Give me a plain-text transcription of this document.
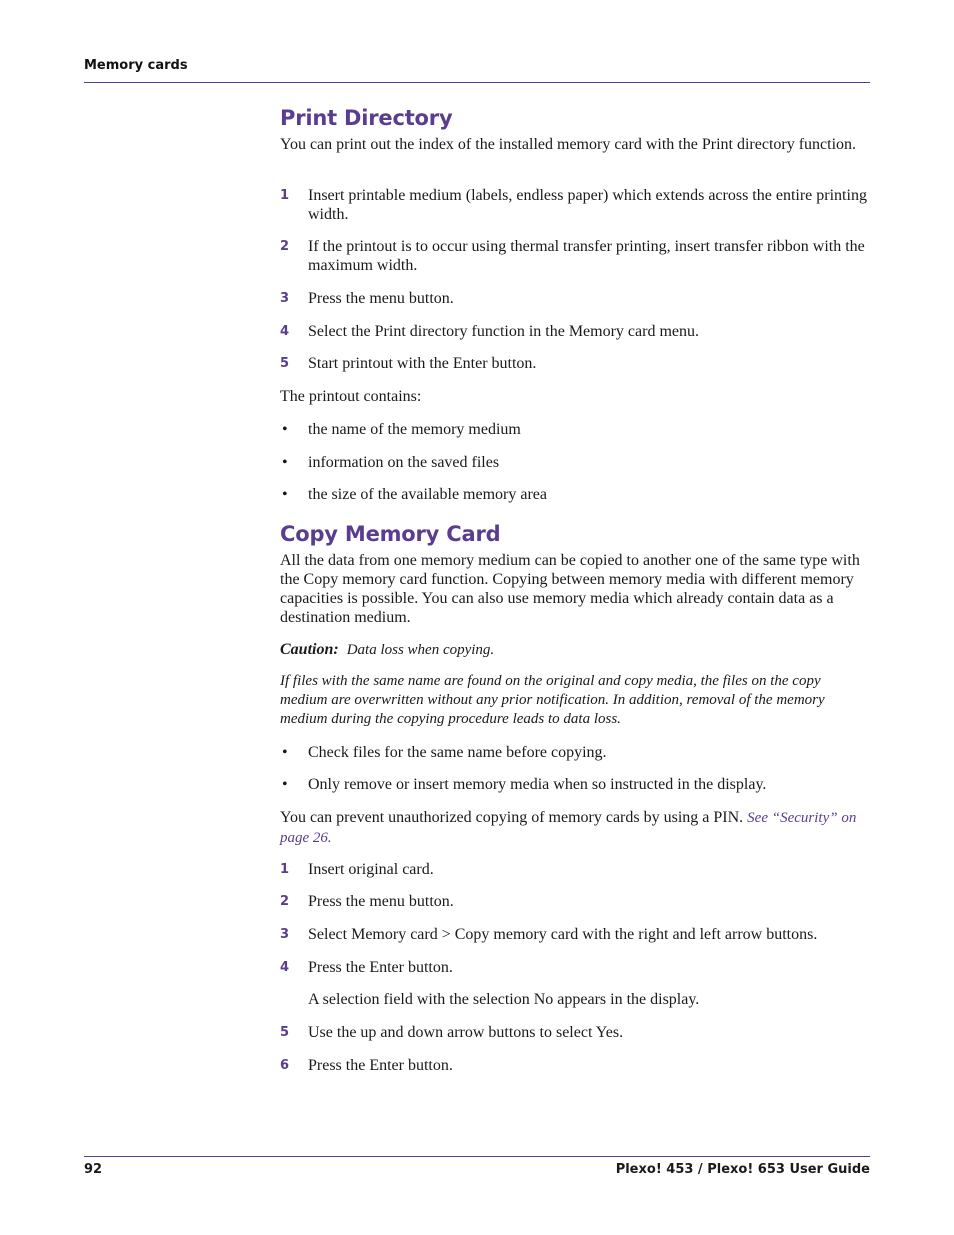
Memory cards
Print Directory
You can print out the index of the installed memory card with the Print directory function.
1 Insert printable medium (labels, endless paper) which extends across the entire printing width.
2 If the printout is to occur using thermal transfer printing, insert transfer ribbon with the maximum width.
3 Press the menu button.
4 Select the Print directory function in the Memory card menu.
5 Start printout with the Enter button.
The printout contains:
• the name of the memory medium
• information on the saved files
• the size of the available memory area
Copy Memory Card
All the data from one memory medium can be copied to another one of the same type with the Copy memory card function. Copying between memory media with different memory capacities is possible. You can also use memory media which already contain data as a destination medium.
Caution: Data loss when copying.
If files with the same name are found on the original and copy media, the files on the copy medium are overwritten without any prior notification. In addition, removal of the memory medium during the copying procedure leads to data loss.
• Check files for the same name before copying.
• Only remove or insert memory media when so instructed in the display.
You can prevent unauthorized copying of memory cards by using a PIN. See “Security” on page 26.
1 Insert original card.
2 Press the menu button.
3 Select Memory card > Copy memory card with the right and left arrow buttons.
4 Press the Enter button.
A selection field with the selection No appears in the display.
5 Use the up and down arrow buttons to select Yes.
6 Press the Enter button.
92	Plexo! 453 / Plexo! 653 User Guide
